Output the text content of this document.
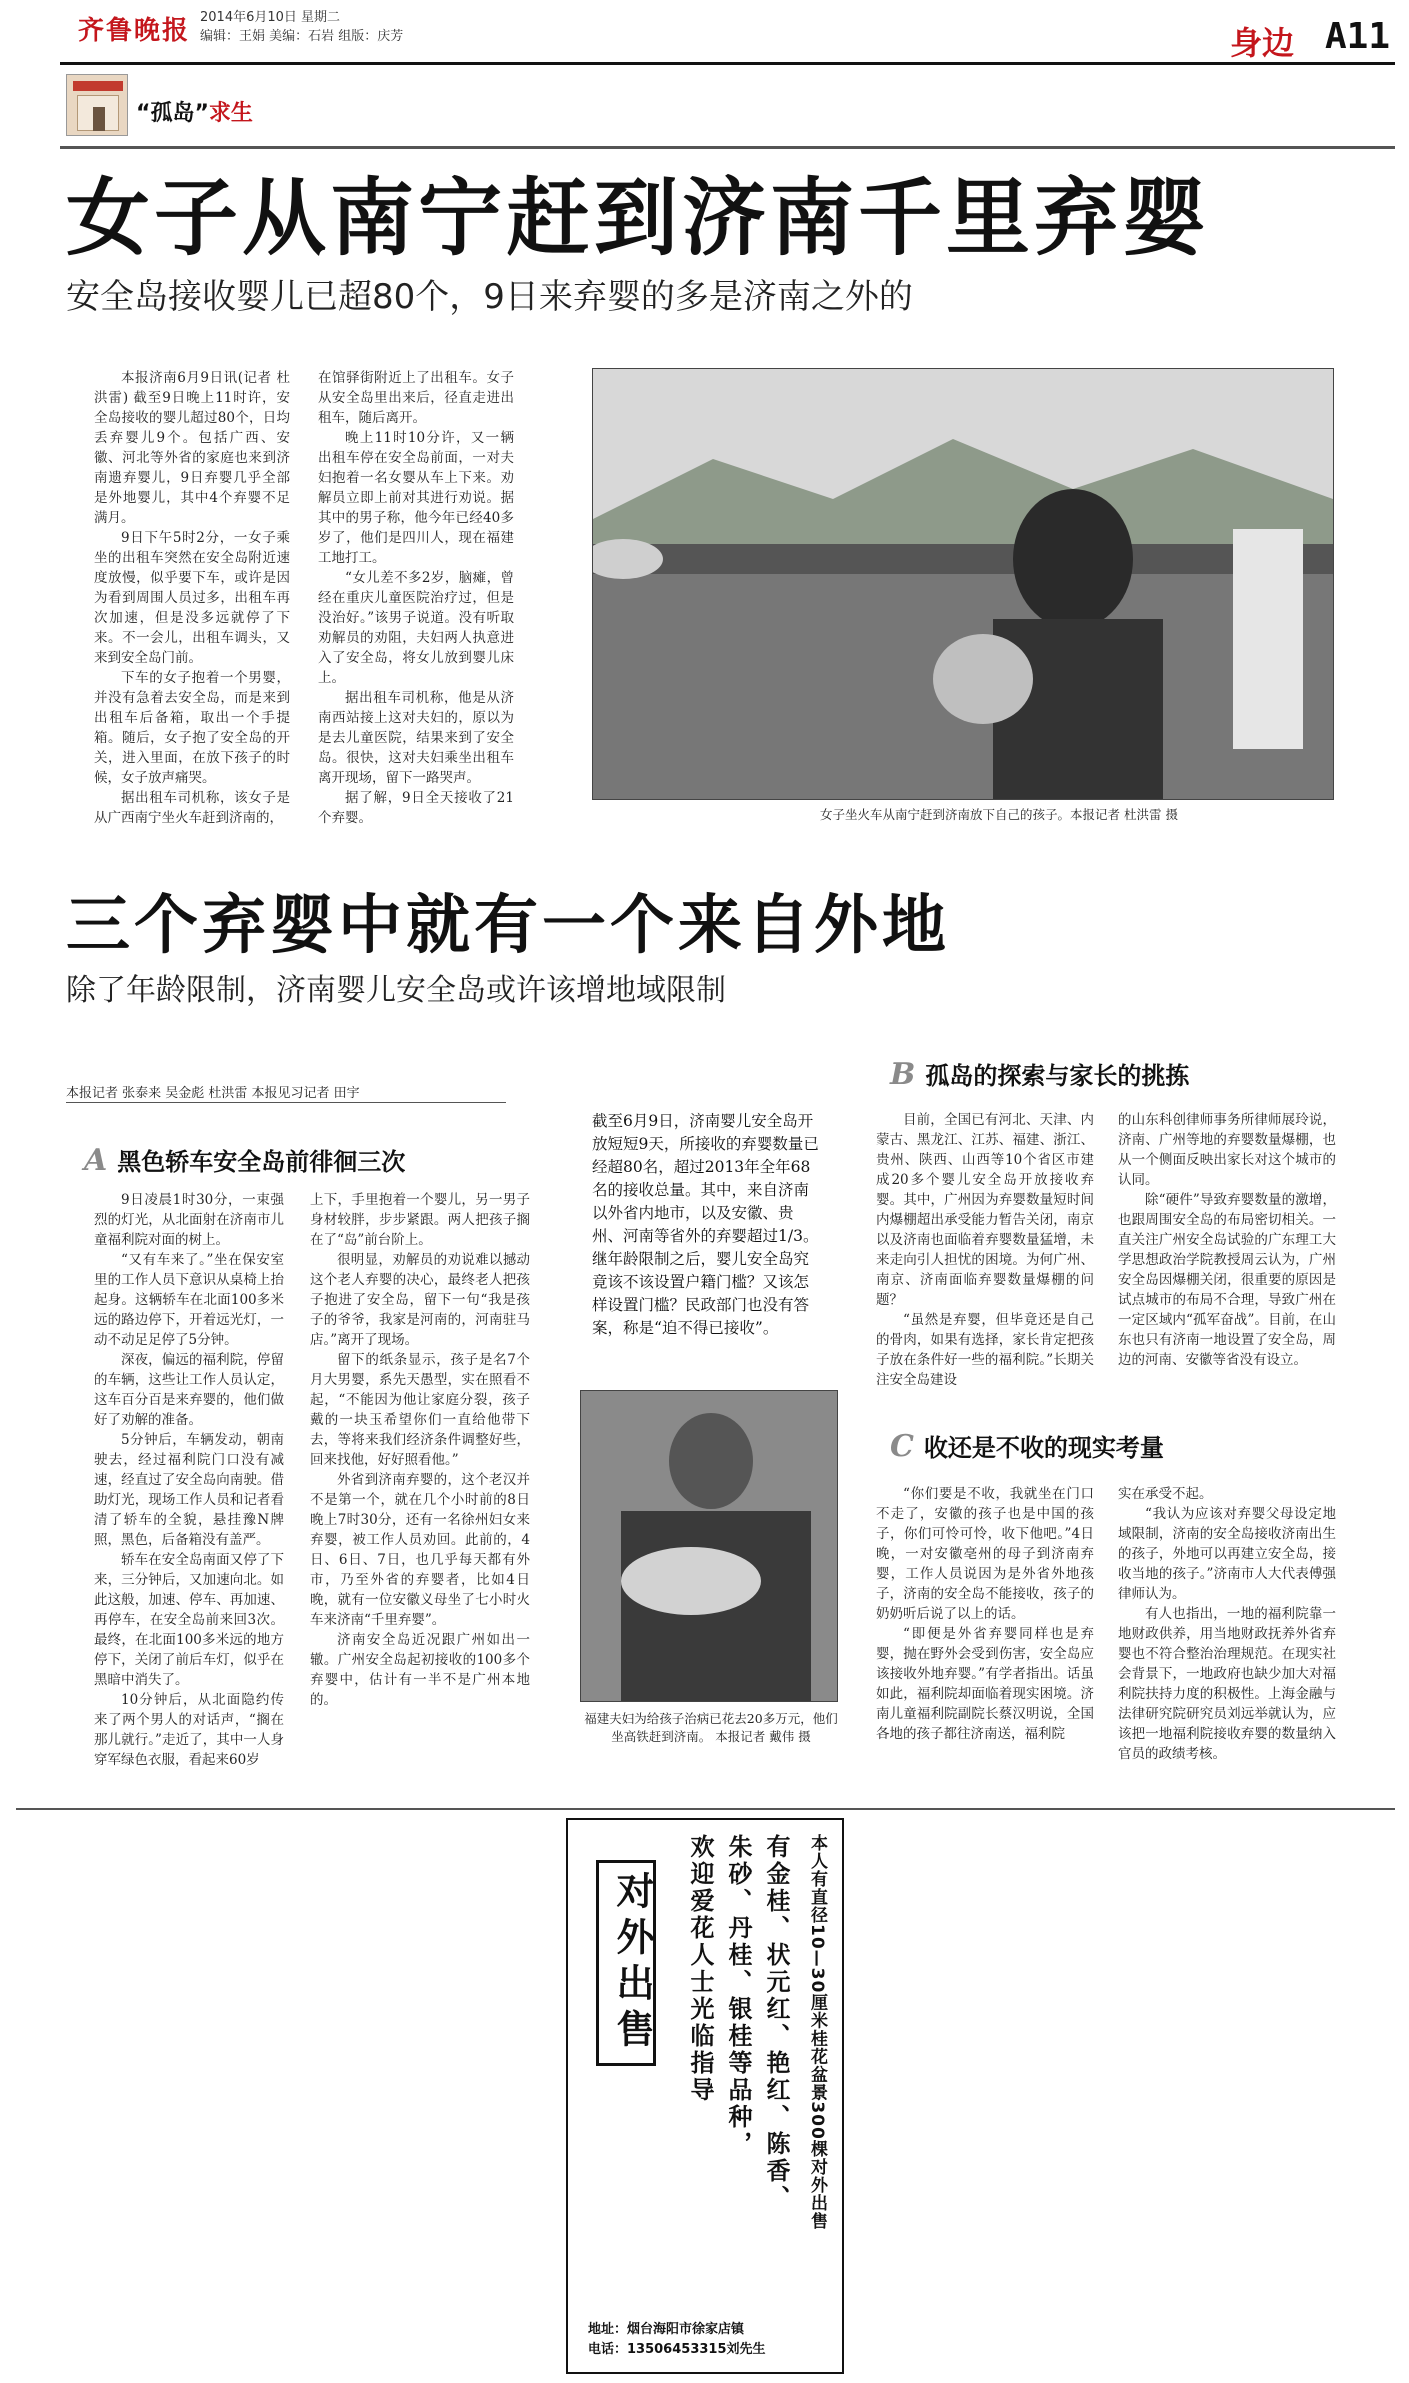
齐鲁晚报 2014年6月10日 星期二
编辑：王娟 美编：石岩 组版：庆芳	身边 A11
“孤岛”求生
女子从南宁赶到济南千里弃婴
安全岛接收婴儿已超80个，9日来弃婴的多是济南之外的

本报济南6月9日讯(记者 杜洪雷) 截至9日晚上11时许，安全岛接收的婴儿超过80个，日均丢弃婴儿9个。包括广西、安徽、河北等外省的家庭也来到济南遗弃婴儿，9日弃婴几乎全部是外地婴儿，其中4个弃婴不足满月。

9日下午5时2分，一女子乘坐的出租车突然在安全岛附近速度放慢，似乎要下车，或许是因为看到周围人员过多，出租车再次加速，但是没多远就停了下来。不一会儿，出租车调头，又来到安全岛门前。

下车的女子抱着一个男婴，并没有急着去安全岛，而是来到出租车后备箱，取出一个手提箱。随后，女子抱了安全岛的开关，进入里面，在放下孩子的时候，女子放声痛哭。

据出租车司机称，该女子是从广西南宁坐火车赶到济南的，

在馆驿街附近上了出租车。女子从安全岛里出来后，径直走进出租车，随后离开。

晚上11时10分许，又一辆出租车停在安全岛前面，一对夫妇抱着一名女婴从车上下来。劝解员立即上前对其进行劝说。据其中的男子称，他今年已经40多岁了，他们是四川人，现在福建工地打工。

“女儿差不多2岁，脑瘫，曾经在重庆儿童医院治疗过，但是没治好。”该男子说道。没有听取劝解员的劝阻，夫妇两人执意进入了安全岛，将女儿放到婴儿床上。

据出租车司机称，他是从济南西站接上这对夫妇的，原以为是去儿童医院，结果来到了安全岛。很快，这对夫妇乘坐出租车离开现场，留下一路哭声。

据了解，9日全天接收了21个弃婴。	女子坐火车从南宁赶到济南放下自己的孩子。本报记者 杜洪雷 摄
三个弃婴中就有一个来自外地
除了年龄限制，济南婴儿安全岛或许该增地域限制
本报记者 张泰来 吴金彪 杜洪雷 本报见习记者 田宇
A 黑色轿车安全岛前徘徊三次

9日凌晨1时30分，一束强烈的灯光，从北面射在济南市儿童福利院对面的树上。

“又有车来了。”坐在保安室里的工作人员下意识从桌椅上抬起身。这辆轿车在北面100多米远的路边停下，开着远光灯，一动不动足足停了5分钟。

深夜，偏远的福利院，停留的车辆，这些让工作人员认定，这车百分百是来弃婴的，他们做好了劝解的准备。

5分钟后，车辆发动，朝南驶去，经过福利院门口没有减速，经直过了安全岛向南驶。借助灯光，现场工作人员和记者看清了轿车的全貌，悬挂豫N牌照，黑色，后备箱没有盖严。

轿车在安全岛南面又停了下来，三分钟后，又加速向北。如此这般，加速、停车、再加速、再停车，在安全岛前来回3次。最终，在北面100多米远的地方停下，关闭了前后车灯，似乎在黑暗中消失了。

10分钟后，从北面隐约传来了两个男人的对话声，“搁在那儿就行。”走近了，其中一人身穿军绿色衣服，看起来60岁

上下，手里抱着一个婴儿，另一男子身材较胖，步步紧跟。两人把孩子搁在了“岛”前台阶上。

很明显，劝解员的劝说难以撼动这个老人弃婴的决心，最终老人把孩子抱进了安全岛，留下一句“我是孩子的爷爷，我家是河南的，河南驻马店。”离开了现场。

留下的纸条显示，孩子是名7个月大男婴，系先天愚型，实在照看不起，“不能因为他让家庭分裂，孩子戴的一块玉希望你们一直给他带下去，等将来我们经济条件调整好些，回来找他，好好照看他。”

外省到济南弃婴的，这个老汉并不是第一个，就在几个小时前的8日晚上7时30分，还有一名徐州妇女来弃婴，被工作人员劝回。此前的，4日、6日、7日，也几乎每天都有外市，乃至外省的弃婴者，比如4日晚，就有一位安徽义母坐了七小时火车来济南“千里弃婴”。

济南安全岛近况跟广州如出一辙。广州安全岛起初接收的100多个弃婴中，估计有一半不是广州本地的。

截至6月9日，济南婴儿安全岛开放短短9天，所接收的弃婴数量已经超80名，超过2013年全年68名的接收总量。其中，来自济南以外省内地市，以及安徽、贵州、河南等省外的弃婴超过1/3。继年龄限制之后，婴儿安全岛究竟该不该设置户籍门槛？又该怎样设置门槛？民政部门也没有答案，称是“迫不得已接收”。
福建夫妇为给孩子治病已花去20多万元，他们坐高铁赶到济南。 本报记者 戴伟 摄
B 孤岛的探索与家长的挑拣

目前，全国已有河北、天津、内蒙古、黑龙江、江苏、福建、浙江、贵州、陕西、山西等10个省区市建成20多个婴儿安全岛开放接收弃婴。其中，广州因为弃婴数量短时间内爆棚超出承受能力暂告关闭，南京以及济南也面临着弃婴数量猛增，未来走向引人担忧的困境。为何广州、南京、济南面临弃婴数量爆棚的问题？

“虽然是弃婴，但毕竟还是自己的骨肉，如果有选择，家长肯定把孩子放在条件好一些的福利院。”长期关注安全岛建设

的山东科创律师事务所律师展玲说，济南、广州等地的弃婴数量爆棚，也从一个侧面反映出家长对这个城市的认同。

除“硬件”导致弃婴数量的激增，也跟周围安全岛的布局密切相关。一直关注广州安全岛试验的广东理工大学思想政治学院教授周云认为，广州安全岛因爆棚关闭，很重要的原因是试点城市的布局不合理，导致广州在一定区域内“孤军奋战”。目前，在山东也只有济南一地设置了安全岛，周边的河南、安徽等省没有设立。

C 收还是不收的现实考量

“你们要是不收，我就坐在门口不走了，安徽的孩子也是中国的孩子，你们可怜可怜，收下他吧。”4日晚，一对安徽亳州的母子到济南弃婴，工作人员说因为是外省外地孩子，济南的安全岛不能接收，孩子的奶奶听后说了以上的话。

“即便是外省弃婴同样也是弃婴，抛在野外会受到伤害，安全岛应该接收外地弃婴。”有学者指出。话虽如此，福利院却面临着现实困境。济南儿童福利院副院长蔡汉明说，全国各地的孩子都往济南送，福利院

实在承受不起。

“我认为应该对弃婴父母设定地域限制，济南的安全岛接收济南出生的孩子，外地可以再建立安全岛，接收当地的孩子。”济南市人大代表傅强律师认为。

有人也指出，一地的福利院靠一地财政供养，用当地财政抚养外省弃婴也不符合整治治理规范。在现实社会背景下，一地政府也缺少加大对福利院扶持力度的积极性。上海金融与法律研究院研究员刘远举就认为，应该把一地福利院接收弃婴的数量纳入官员的政绩考核。

本人有直径10—30厘米桂花盆景300棵对外出售
有金桂、状元红、艳红、陈香、
朱砂、丹桂、银桂等品种，
欢迎爱花人士光临指导
对外出售
地址：烟台海阳市徐家店镇
电话：13506453315刘先生
